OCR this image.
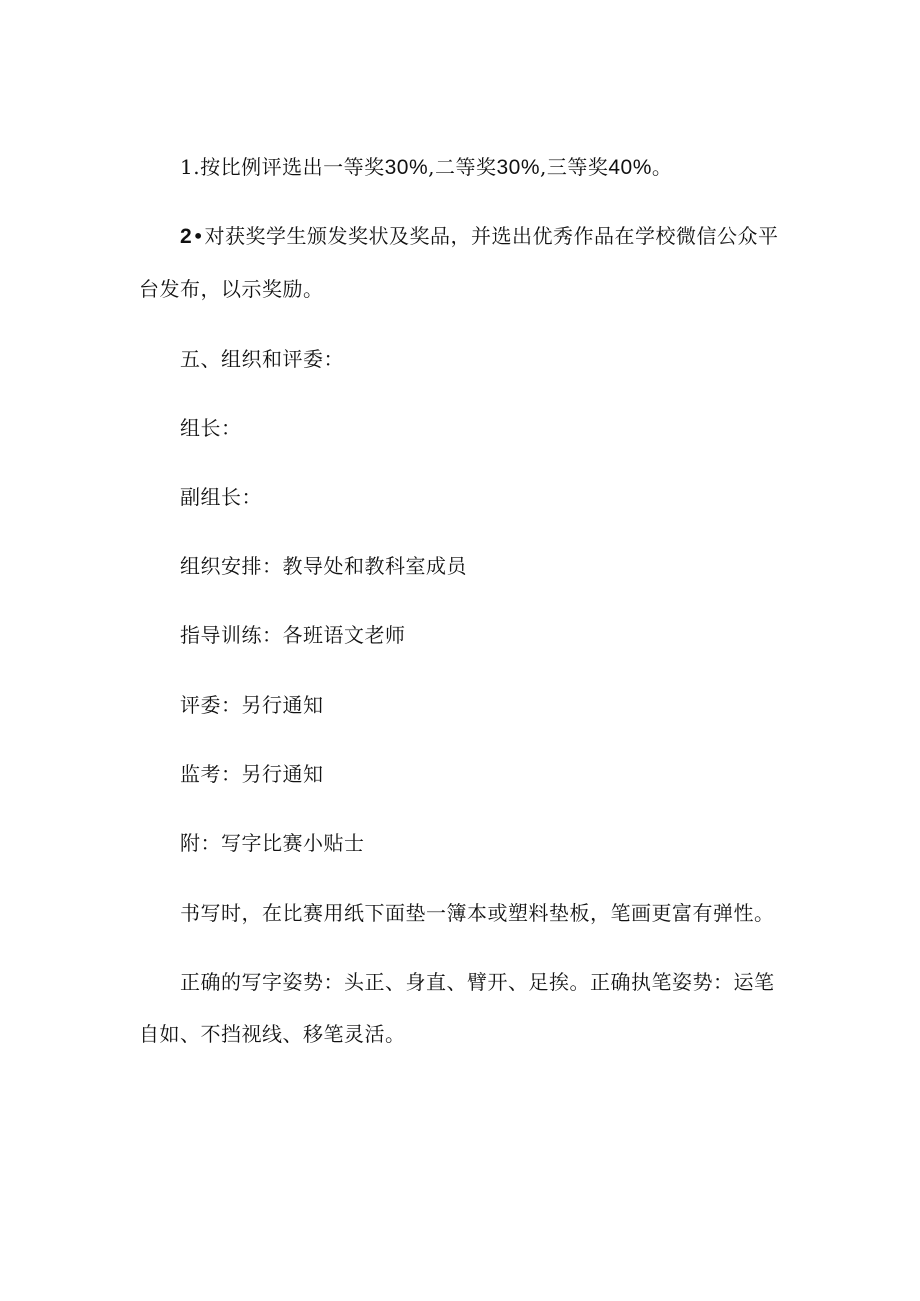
1.按比例评选出一等奖30%,二等奖30%,三等奖40%。
2•对获奖学生颁发奖状及奖品，并选出优秀作品在学校微信公众平
台发布，以示奖励。
五、组织和评委：
组长：
副组长：
组织安排：教导处和教科室成员
指导训练：各班语文老师
评委：另行通知
监考：另行通知
附：写字比赛小贴士
书写时，在比赛用纸下面垫一簿本或塑料垫板，笔画更富有弹性。
正确的写字姿势：头正、身直、臂开、足挨。正确执笔姿势：运笔
自如、不挡视线、移笔灵活。
